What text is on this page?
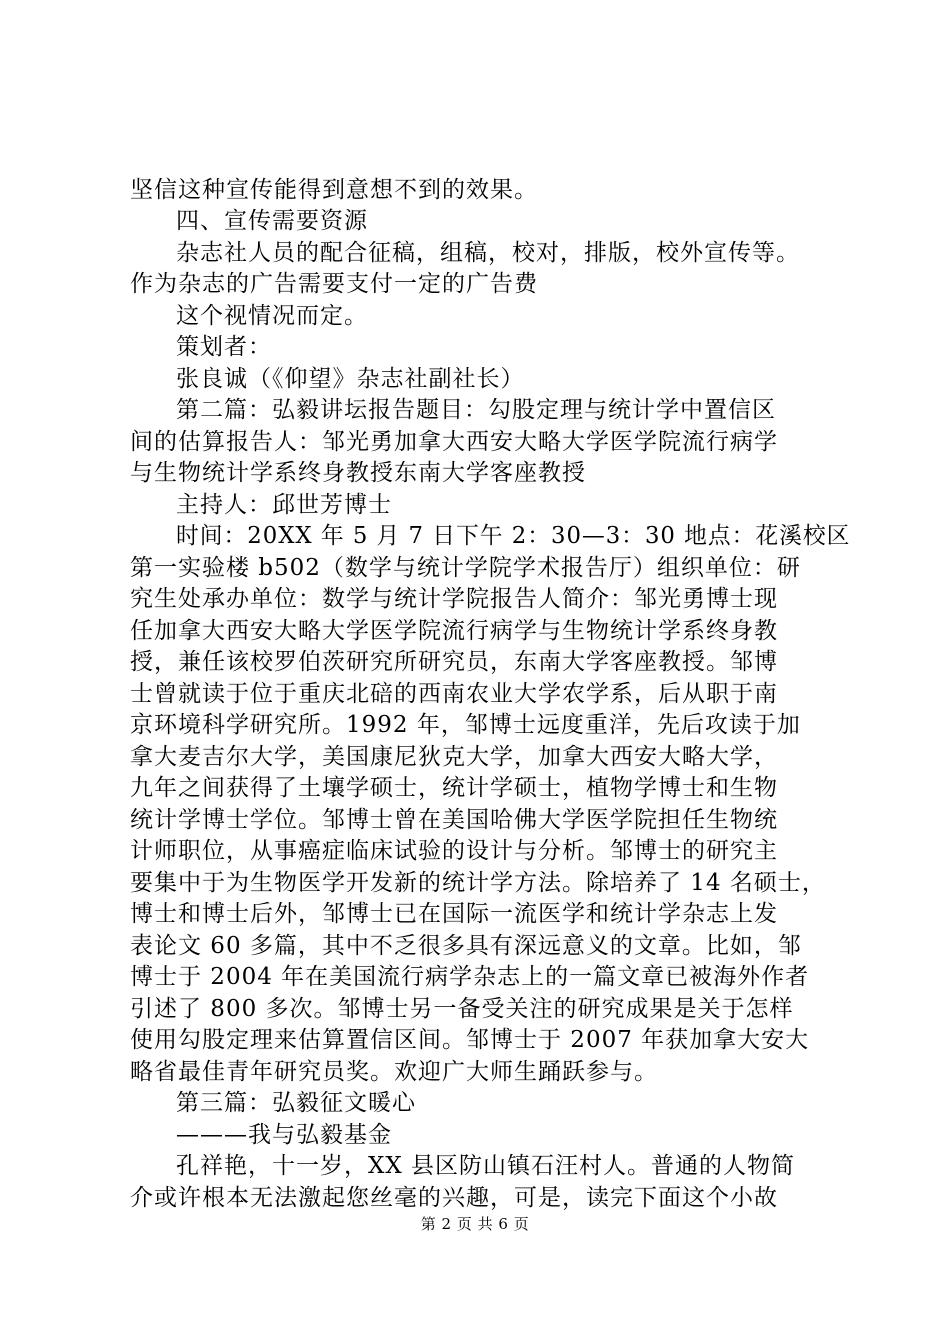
坚信这种宣传能得到意想不到的效果。
四、宣传需要资源
杂志社人员的配合征稿，组稿，校对，排版，校外宣传等。
作为杂志的广告需要支付一定的广告费
这个视情况而定。
策划者：
张良诚（《仰望》杂志社副社长）
第二篇：弘毅讲坛报告题目：勾股定理与统计学中置信区
间的估算报告人：邹光勇加拿大西安大略大学医学院流行病学
与生物统计学系终身教授东南大学客座教授
主持人：邱世芳博士
时间：20XX 年 5 月 7 日下午 2：30—3：30 地点：花溪校区
第一实验楼 b502（数学与统计学院学术报告厅）组织单位：研
究生处承办单位：数学与统计学院报告人简介：邹光勇博士现
任加拿大西安大略大学医学院流行病学与生物统计学系终身教
授，兼任该校罗伯茨研究所研究员，东南大学客座教授。邹博
士曾就读于位于重庆北碚的西南农业大学农学系，后从职于南
京环境科学研究所。1992 年，邹博士远度重洋，先后攻读于加
拿大麦吉尔大学，美国康尼狄克大学，加拿大西安大略大学，
九年之间获得了土壤学硕士，统计学硕士，植物学博士和生物
统计学博士学位。邹博士曾在美国哈佛大学医学院担任生物统
计师职位，从事癌症临床试验的设计与分析。邹博士的研究主
要集中于为生物医学开发新的统计学方法。除培养了 14 名硕士，
博士和博士后外，邹博士已在国际一流医学和统计学杂志上发
表论文 60 多篇，其中不乏很多具有深远意义的文章。比如，邹
博士于 2004 年在美国流行病学杂志上的一篇文章已被海外作者
引述了 800 多次。邹博士另一备受关注的研究成果是关于怎样
使用勾股定理来估算置信区间。邹博士于 2007 年获加拿大安大
略省最佳青年研究员奖。欢迎广大师生踊跃参与。
第三篇：弘毅征文暖心
———我与弘毅基金
孔祥艳，十一岁，XX 县区防山镇石汪村人。普通的人物简
介或许根本无法激起您丝毫的兴趣，可是，读完下面这个小故
第 2 页 共 6 页
